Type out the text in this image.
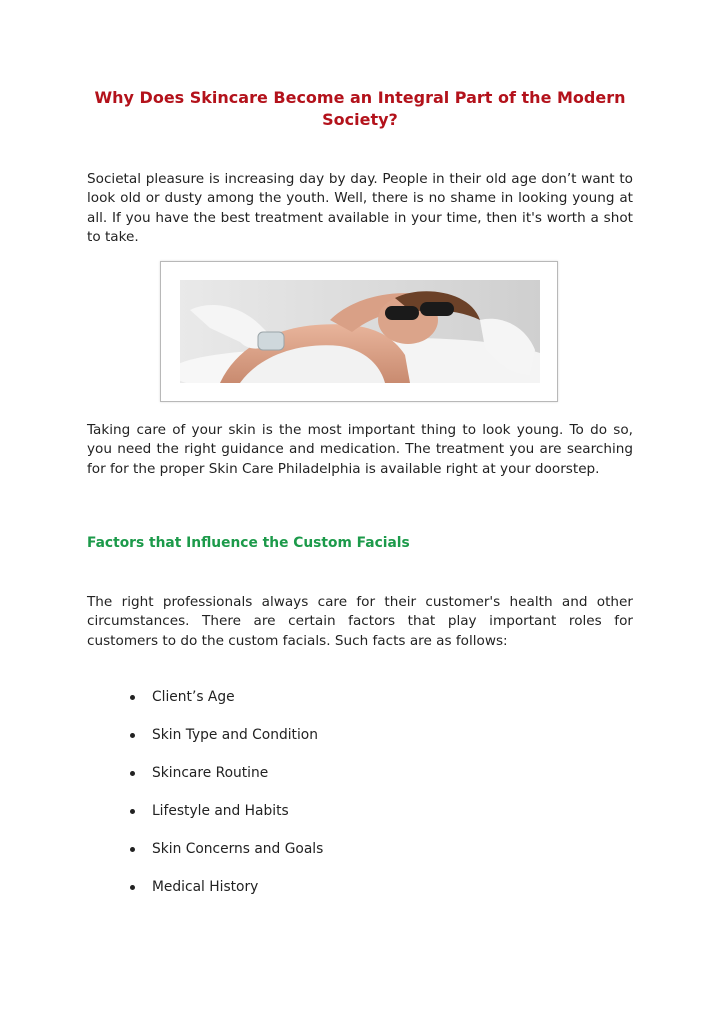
Why Does Skincare Become an Integral Part of the Modern Society?

Societal pleasure is increasing day by day. People in their old age don’t want to look old or dusty among the youth. Well, there is no shame in looking young at all. If you have the best treatment available in your time, then it's worth a shot to take.

Taking care of your skin is the most important thing to look young. To do so, you need the right guidance and medication. The treatment you are searching for for the proper Skin Care Philadelphia is available right at your doorstep.

Factors that Influence the Custom Facials

The right professionals always care for their customer's health and other circumstances. There are certain factors that play important roles for customers to do the custom facials. Such facts are as follows:

Client’s Age
Skin Type and Condition
Skincare Routine
Lifestyle and Habits
Skin Concerns and Goals
Medical History
